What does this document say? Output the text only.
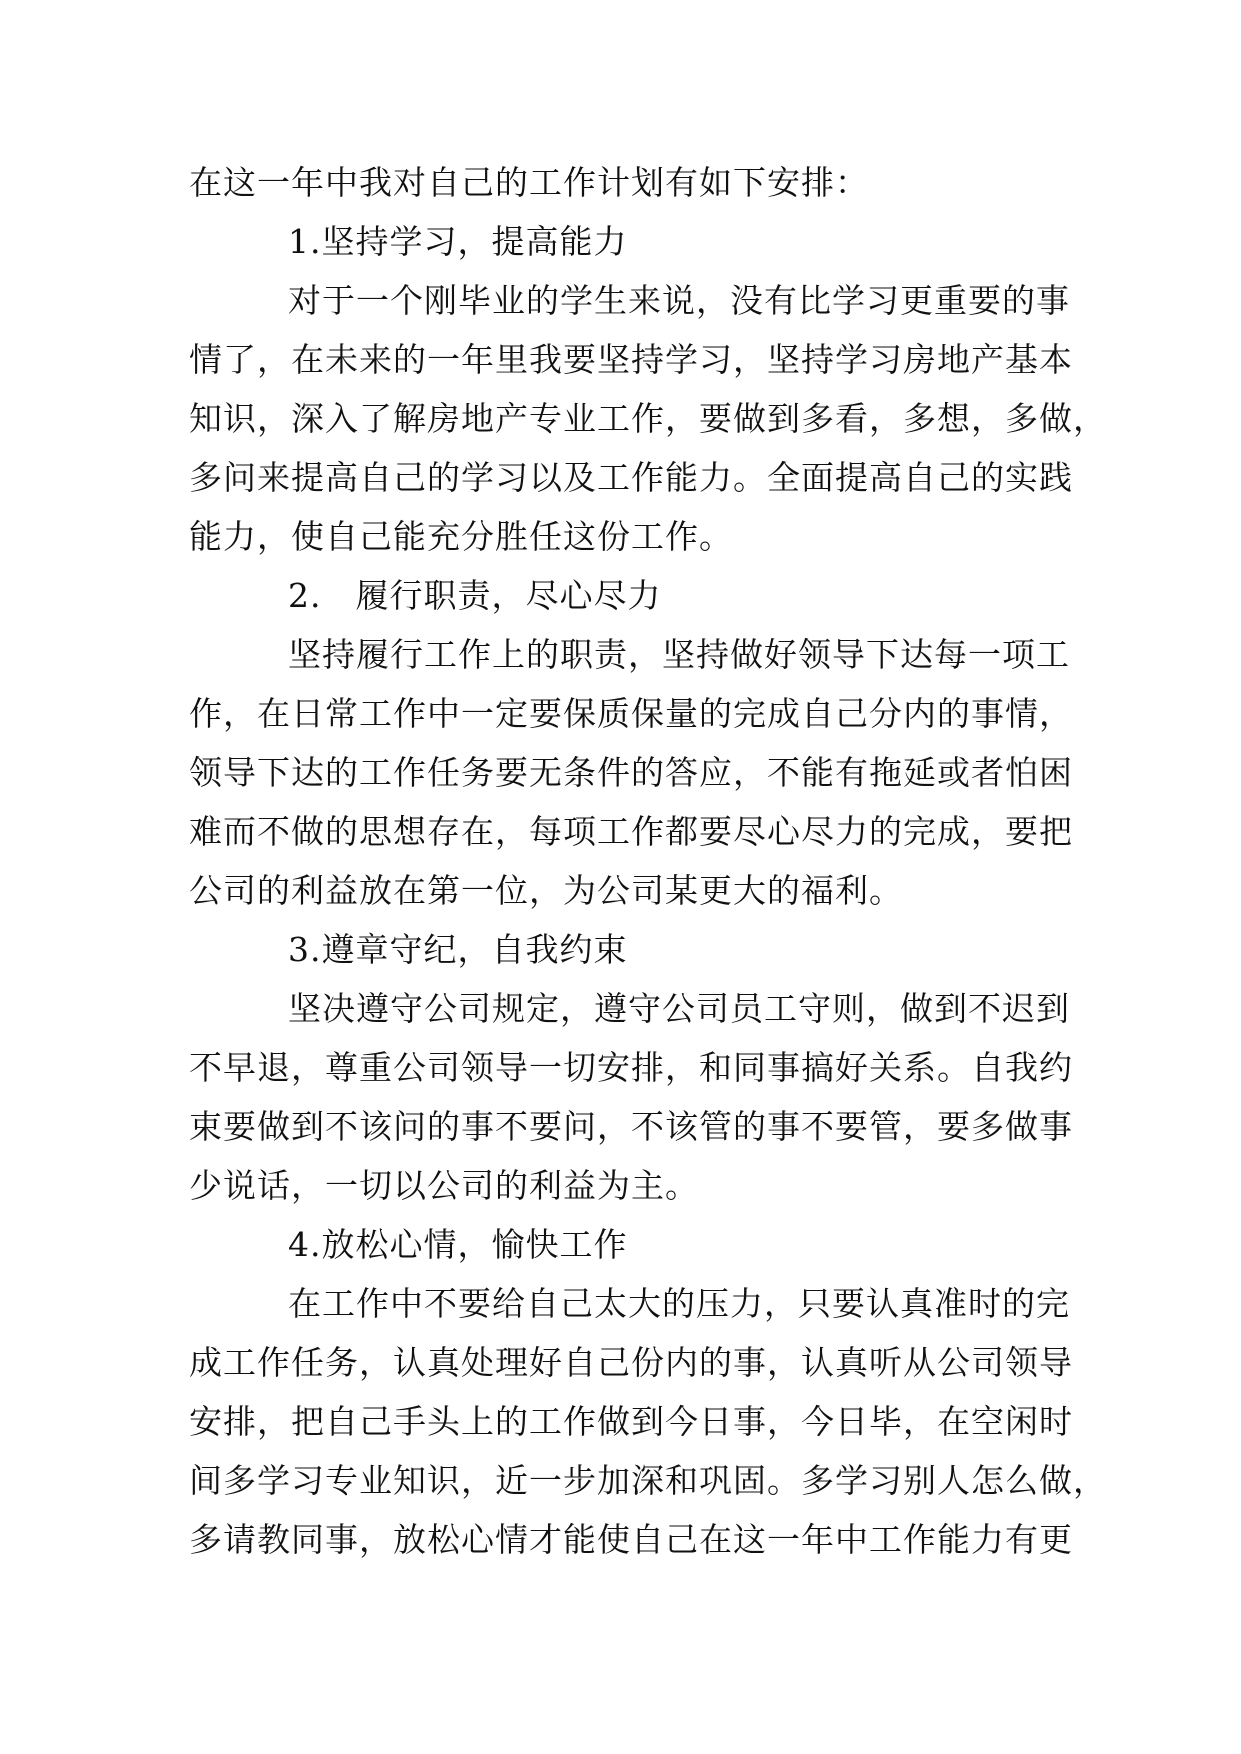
在这一年中我对自己的工作计划有如下安排：
1.坚持学习，提高能力
对于一个刚毕业的学生来说，没有比学习更重要的事
情了，在未来的一年里我要坚持学习，坚持学习房地产基本
知识，深入了解房地产专业工作，要做到多看，多想，多做，
多问来提高自己的学习以及工作能力。全面提高自己的实践
能力，使自己能充分胜任这份工作。
2.　履行职责，尽心尽力
坚持履行工作上的职责，坚持做好领导下达每一项工
作，在日常工作中一定要保质保量的完成自己分内的事情，
领导下达的工作任务要无条件的答应，不能有拖延或者怕困
难而不做的思想存在，每项工作都要尽心尽力的完成，要把
公司的利益放在第一位，为公司某更大的福利。
3.遵章守纪，自我约束
坚决遵守公司规定，遵守公司员工守则，做到不迟到
不早退，尊重公司领导一切安排，和同事搞好关系。自我约
束要做到不该问的事不要问，不该管的事不要管，要多做事
少说话，一切以公司的利益为主。
4.放松心情，愉快工作
在工作中不要给自己太大的压力，只要认真准时的完
成工作任务，认真处理好自己份内的事，认真听从公司领导
安排，把自己手头上的工作做到今日事，今日毕，在空闲时
间多学习专业知识，近一步加深和巩固。多学习别人怎么做，
多请教同事，放松心情才能使自己在这一年中工作能力有更
